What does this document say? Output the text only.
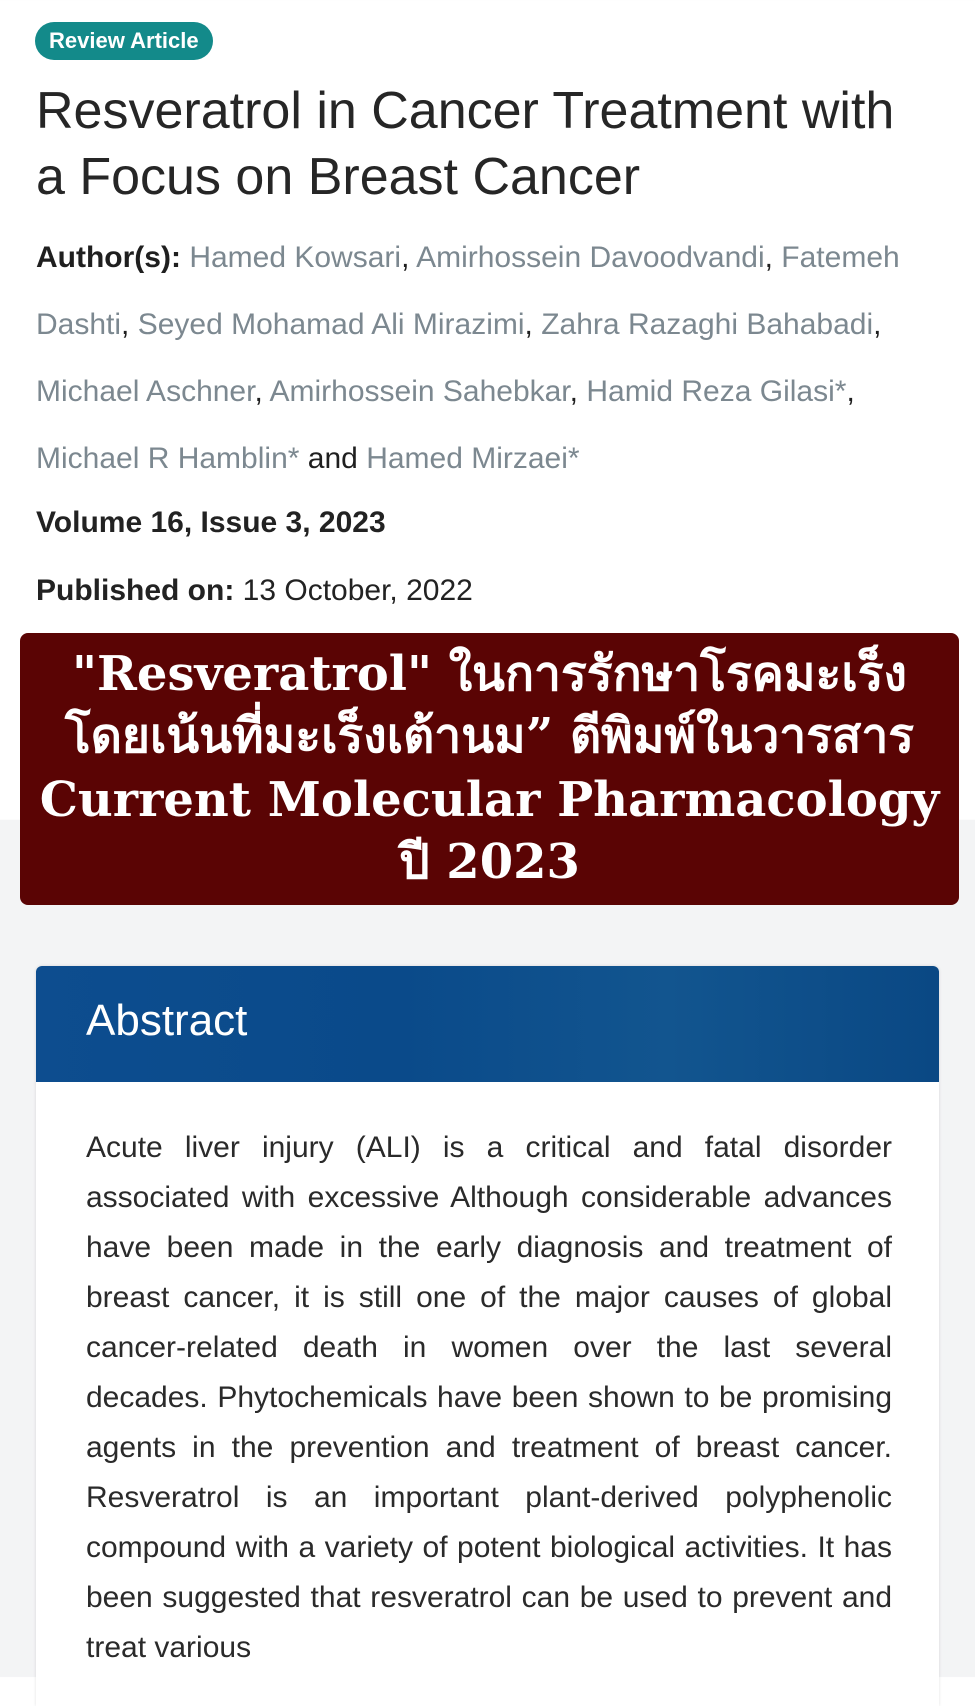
Review Article
Resveratrol in Cancer Treatment with a Focus on Breast Cancer
Author(s): Hamed Kowsari, Amirhossein Davoodvandi, Fatemeh Dashti, Seyed Mohamad Ali Mirazimi, Zahra Razaghi Bahabadi, Michael Aschner, Amirhossein Sahebkar, Hamid Reza Gilasi*, Michael R Hamblin* and Hamed Mirzaei*
Volume 16, Issue 3, 2023
Published on: 13 October, 2022
"Resveratrol" ในการรักษาโรคมะเร็ง
โดยเน้นที่มะเร็งเต้านม” ตีพิมพ์ในวารสาร
Current Molecular Pharmacology
ปี 2023
Abstract
Acute liver injury (ALI) is a critical and fatal disorder associated with excessive Although considerable advances have been made in the early diagnosis and treatment of breast cancer, it is still one of the major causes of global cancer-related death in women over the last several decades. Phytochemicals have been shown to be promising agents in the prevention and treatment of breast cancer. Resveratrol is an important plant-derived polyphenolic compound with a variety of potent biological activities. It has been suggested that resveratrol can be used to prevent and treat various
